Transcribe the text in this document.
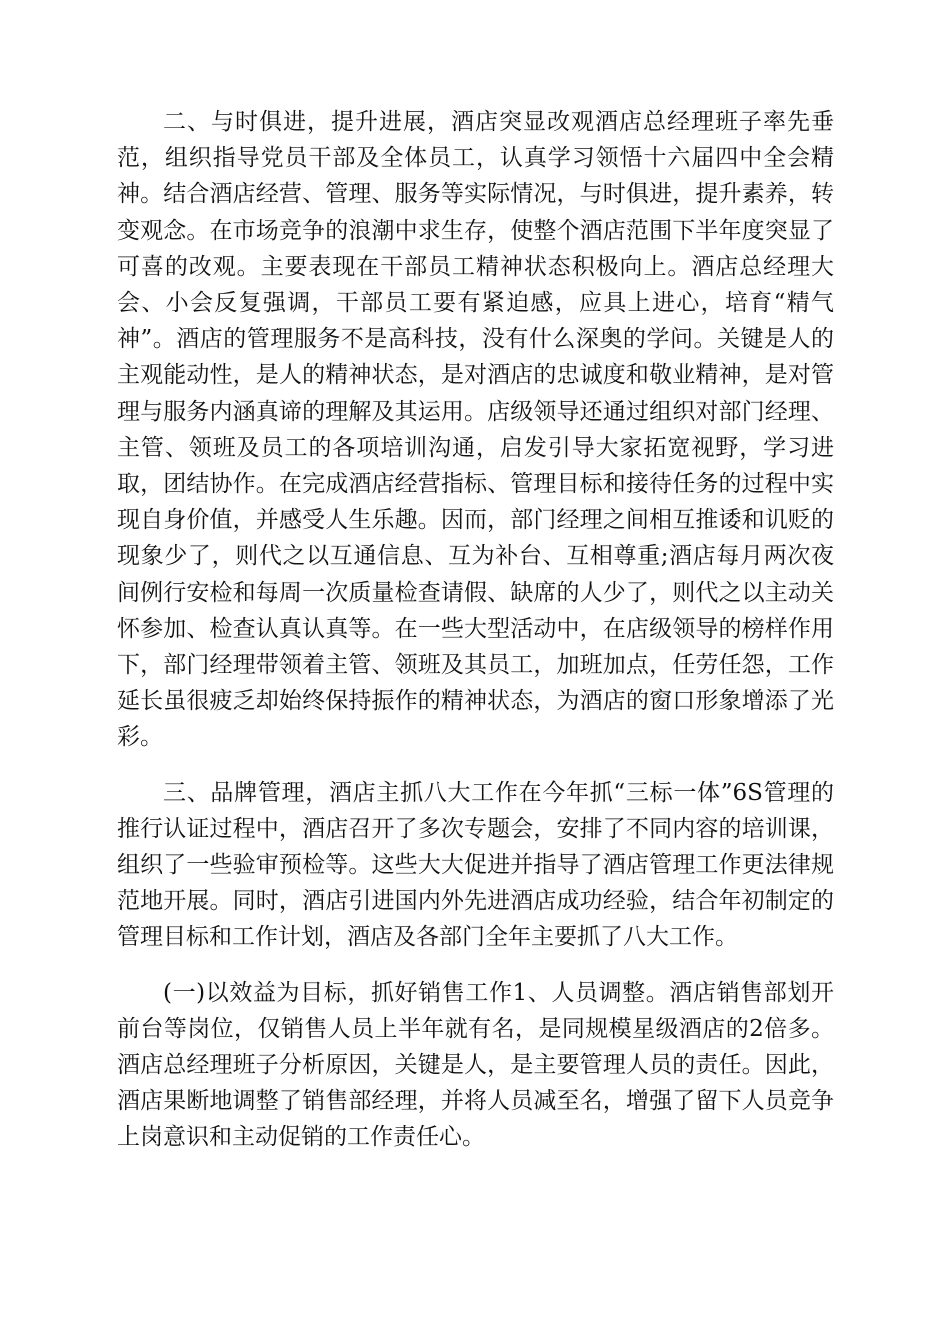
二、与时俱进，提升进展，酒店突显改观酒店总经理班子率先垂范，组织指导党员干部及全体员工，认真学习领悟十六届四中全会精神。结合酒店经营、管理、服务等实际情况，与时俱进，提升素养，转变观念。在市场竞争的浪潮中求生存，使整个酒店范围下半年度突显了可喜的改观。主要表现在干部员工精神状态积极向上。酒店总经理大会、小会反复强调，干部员工要有紧迫感，应具上进心，培育“精气神”。酒店的管理服务不是高科技，没有什么深奥的学问。关键是人的主观能动性，是人的精神状态，是对酒店的忠诚度和敬业精神，是对管理与服务内涵真谛的理解及其运用。店级领导还通过组织对部门经理、主管、领班及员工的各项培训沟通，启发引导大家拓宽视野，学习进取，团结协作。在完成酒店经营指标、管理目标和接待任务的过程中实现自身价值，并感受人生乐趣。因而，部门经理之间相互推诿和讥贬的现象少了，则代之以互通信息、互为补台、互相尊重;酒店每月两次夜间例行安检和每周一次质量检查请假、缺席的人少了，则代之以主动关怀参加、检查认真认真等。在一些大型活动中，在店级领导的榜样作用下，部门经理带领着主管、领班及其员工，加班加点，任劳任怨，工作延长虽很疲乏却始终保持振作的精神状态，为酒店的窗口形象增添了光彩。

三、品牌管理，酒店主抓八大工作在今年抓“三标一体”6S管理的推行认证过程中，酒店召开了多次专题会，安排了不同内容的培训课，组织了一些验审预检等。这些大大促进并指导了酒店管理工作更法律规范地开展。同时，酒店引进国内外先进酒店成功经验，结合年初制定的管理目标和工作计划，酒店及各部门全年主要抓了八大工作。

(一)以效益为目标，抓好销售工作1、人员调整。酒店销售部划开前台等岗位，仅销售人员上半年就有名，是同规模星级酒店的2倍多。酒店总经理班子分析原因，关键是人，是主要管理人员的责任。因此，酒店果断地调整了销售部经理，并将人员减至名，增强了留下人员竞争上岗意识和主动促销的工作责任心。
